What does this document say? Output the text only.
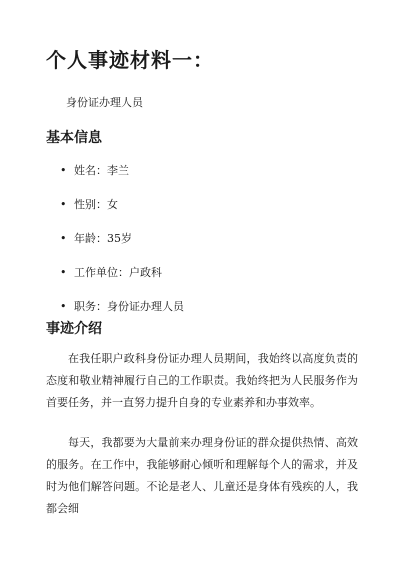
个人事迹材料一：

身份证办理人员

基本信息
• 姓名：李兰
• 性别：女
• 年龄：35岁
• 工作单位：户政科
• 职务：身份证办理人员
事迹介绍

在我任职户政科身份证办理人员期间，我始终以高度负责的态度和敬业精神履行自己的工作职责。我始终把为人民服务作为首要任务，并一直努力提升自身的专业素养和办事效率。

每天，我都要为大量前来办理身份证的群众提供热情、高效的服务。在工作中，我能够耐心倾听和理解每个人的需求，并及时为他们解答问题。不论是老人、儿童还是身体有残疾的人，我都会细
